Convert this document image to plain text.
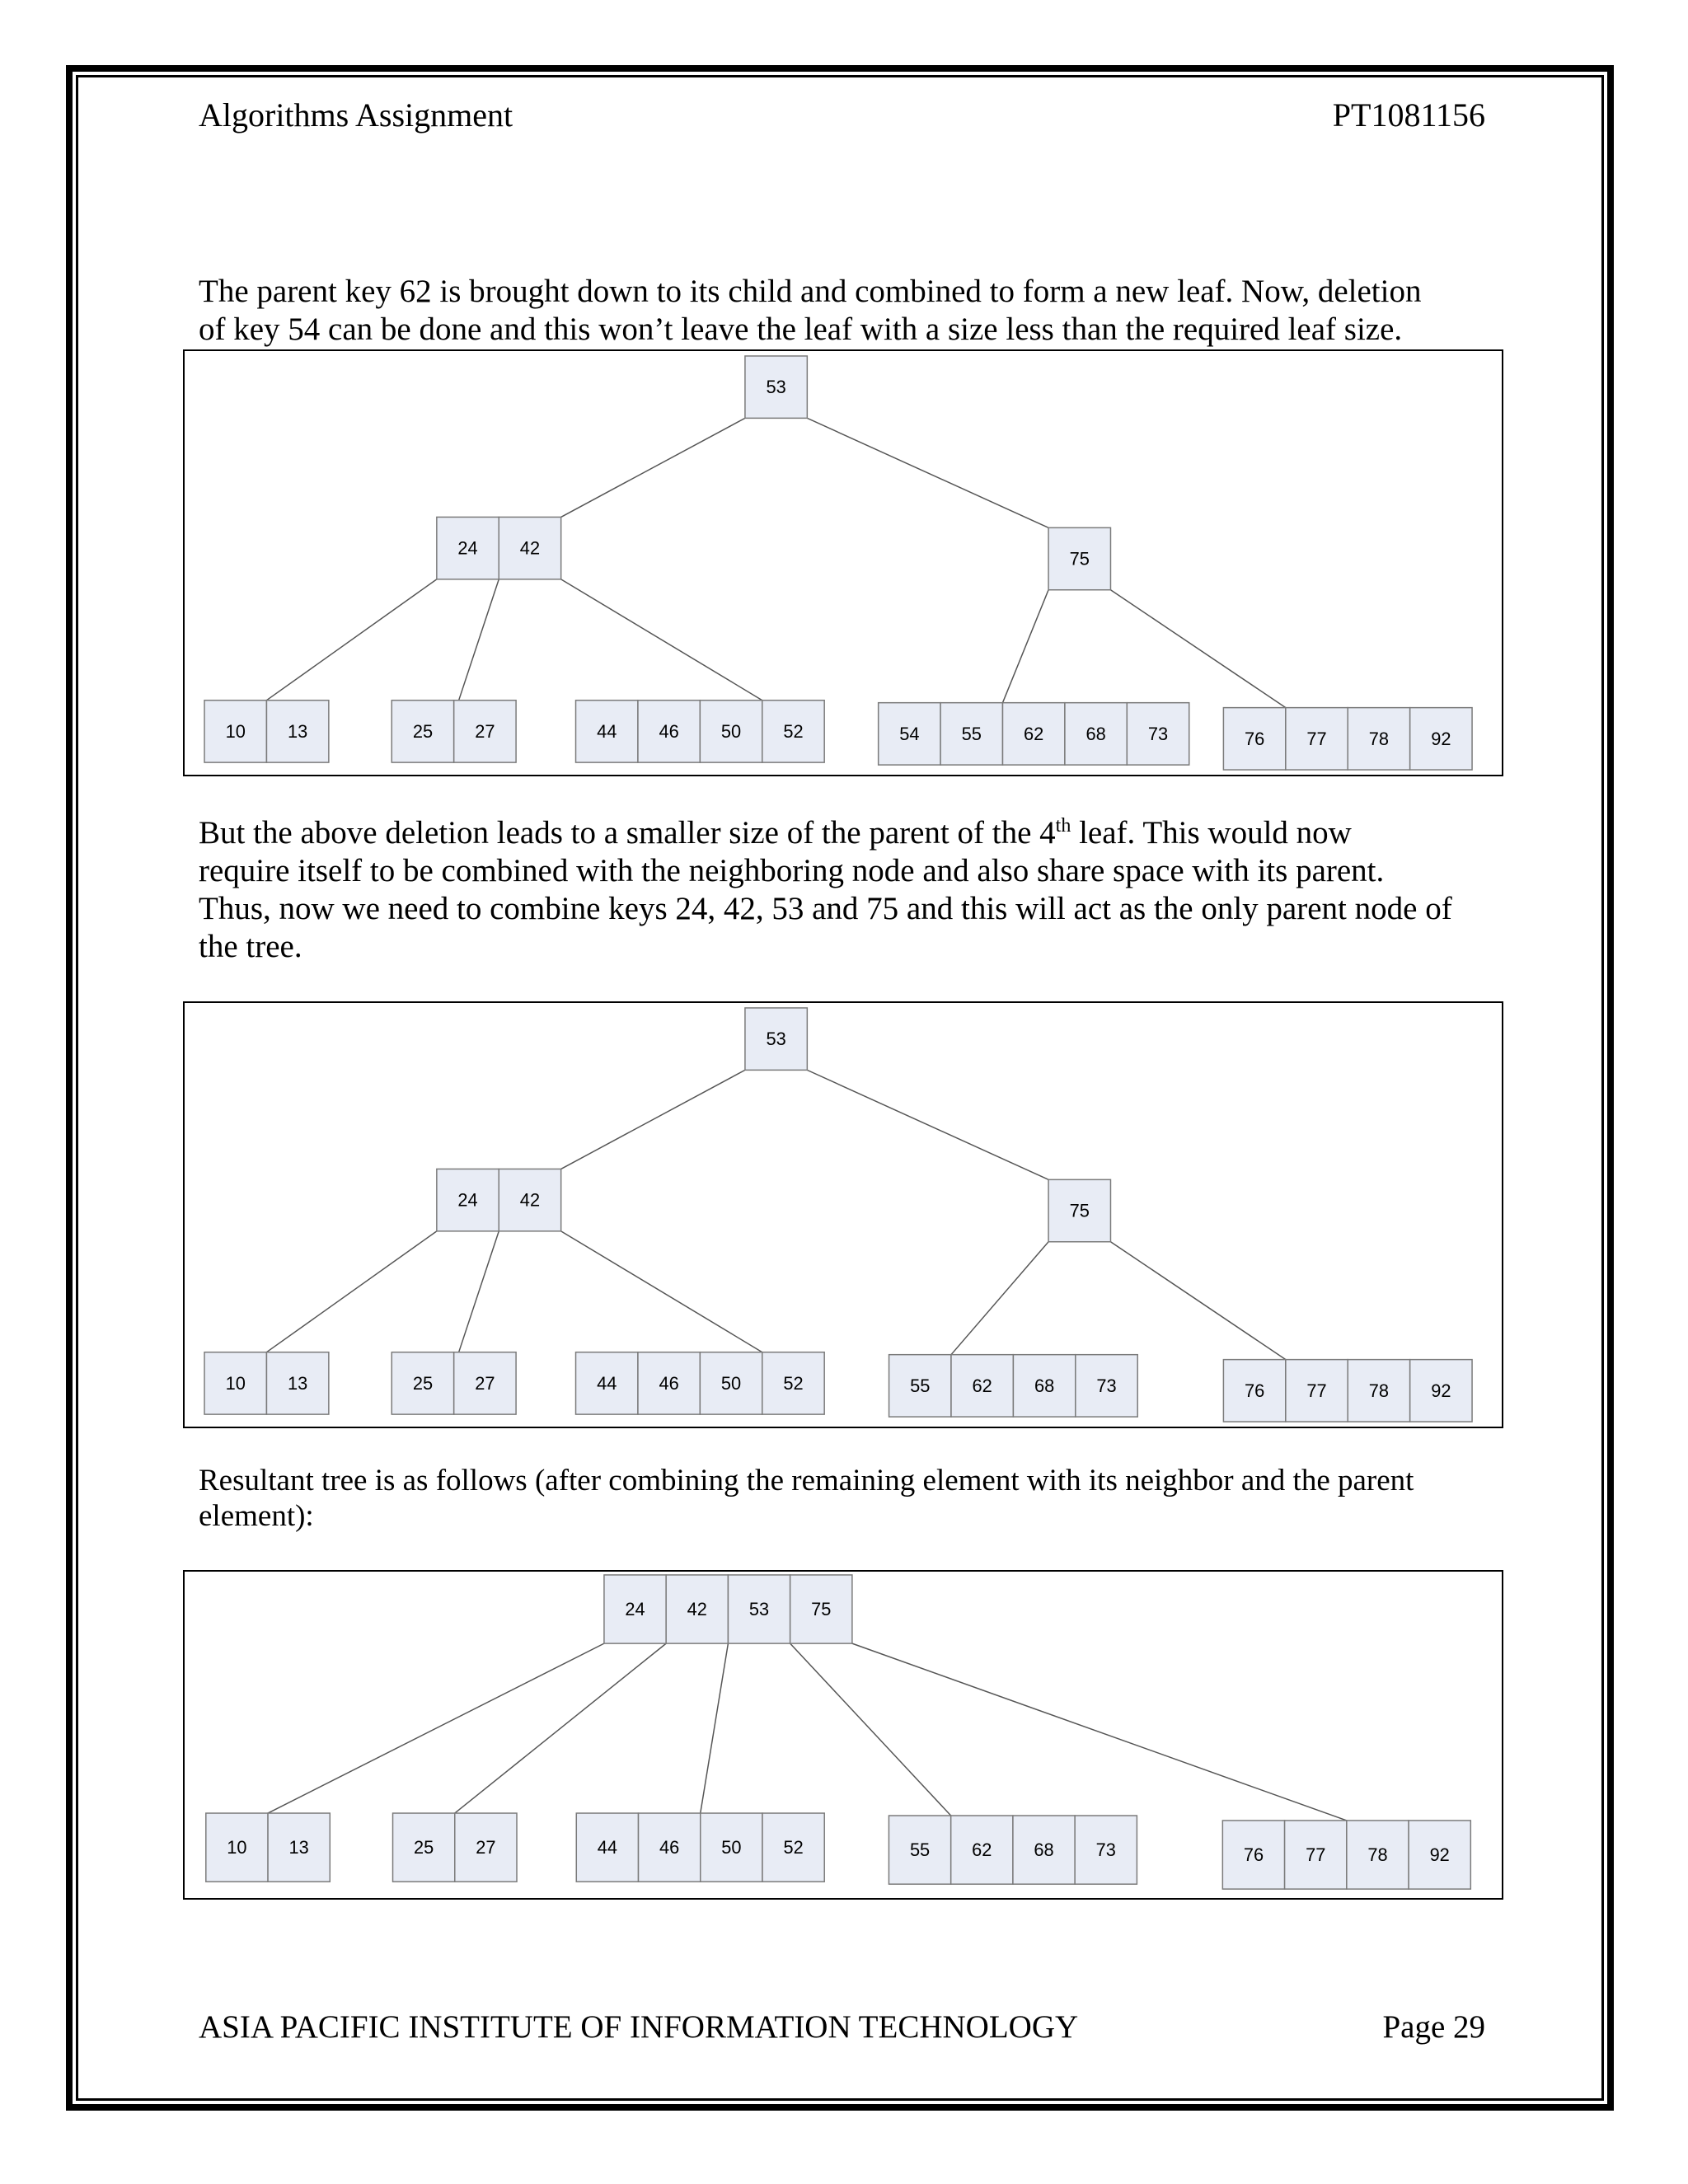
Algorithms Assignment	PT1081156
The parent key 62 is brought down to its child and combined to form a new leaf. Now, deletion
of key 54 can be done and this won’t leave the leaf with a size less than the required leaf size.
53
24 42
75
10 13	25 27	44 46 50 52	54 55 62 68 73	76 77 78 92
But the above deletion leads to a smaller size of the parent of the 4th leaf. This would now
require itself to be combined with the neighboring node and also share space with its parent.
Thus, now we need to combine keys 24, 42, 53 and 75 and this will act as the only parent node of
the tree.
53
24 42
75
10 13	25 27	44 46 50 52	55 62 68 73	76 77 78 92
Resultant tree is as follows (after combining the remaining element with its neighbor and the parent
element):
24 42 53 75
10 13	25 27	44 46 50 52	55 62 68 73	76 77 78 92
ASIA PACIFIC INSTITUTE OF INFORMATION TECHNOLOGY	Page 29
